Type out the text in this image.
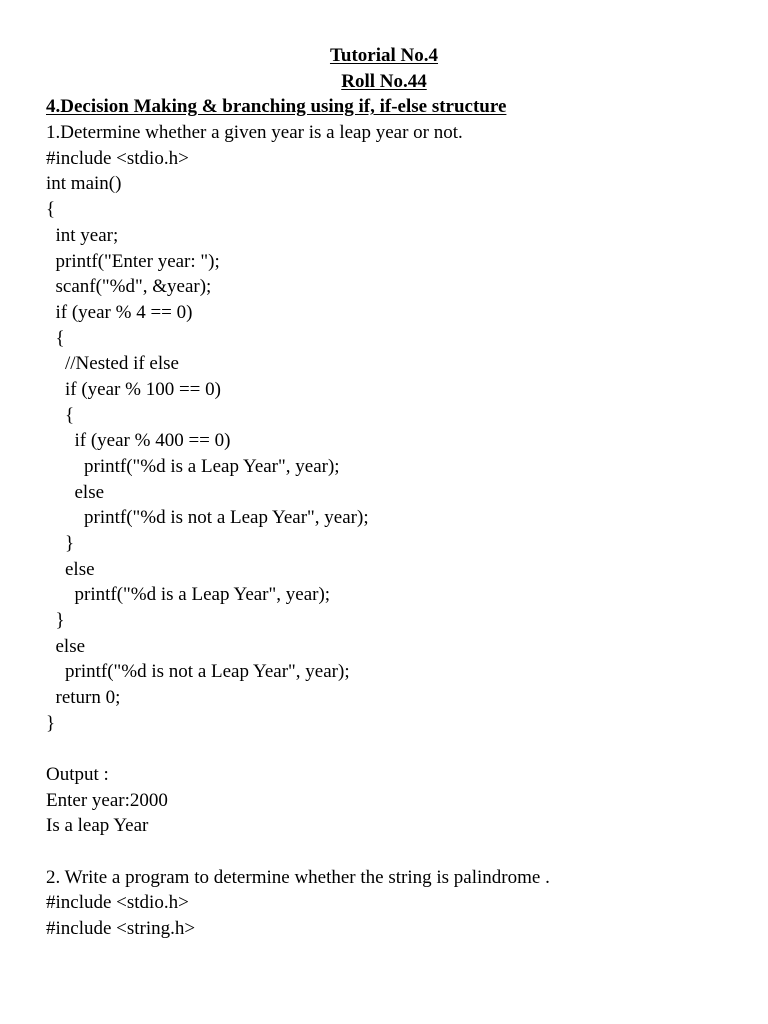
Tutorial No.4
Roll No.44
4.Decision Making & branching using if, if-else structure
1.Determine whether a given year is a leap year or not.
#include <stdio.h>
int main()
{
int year;
printf("Enter year: ");
scanf("%d", &year);
if (year % 4 == 0)
{
//Nested if else
if (year % 100 == 0)
{
if (year % 400 == 0)
printf("%d is a Leap Year", year);
else
printf("%d is not a Leap Year", year);
}
else
printf("%d is a Leap Year", year);
}
else
printf("%d is not a Leap Year", year);
return 0;
}
Output :
Enter year:2000
Is a leap Year
2. Write a program to determine whether the string is palindrome .
#include <stdio.h>
#include <string.h>
